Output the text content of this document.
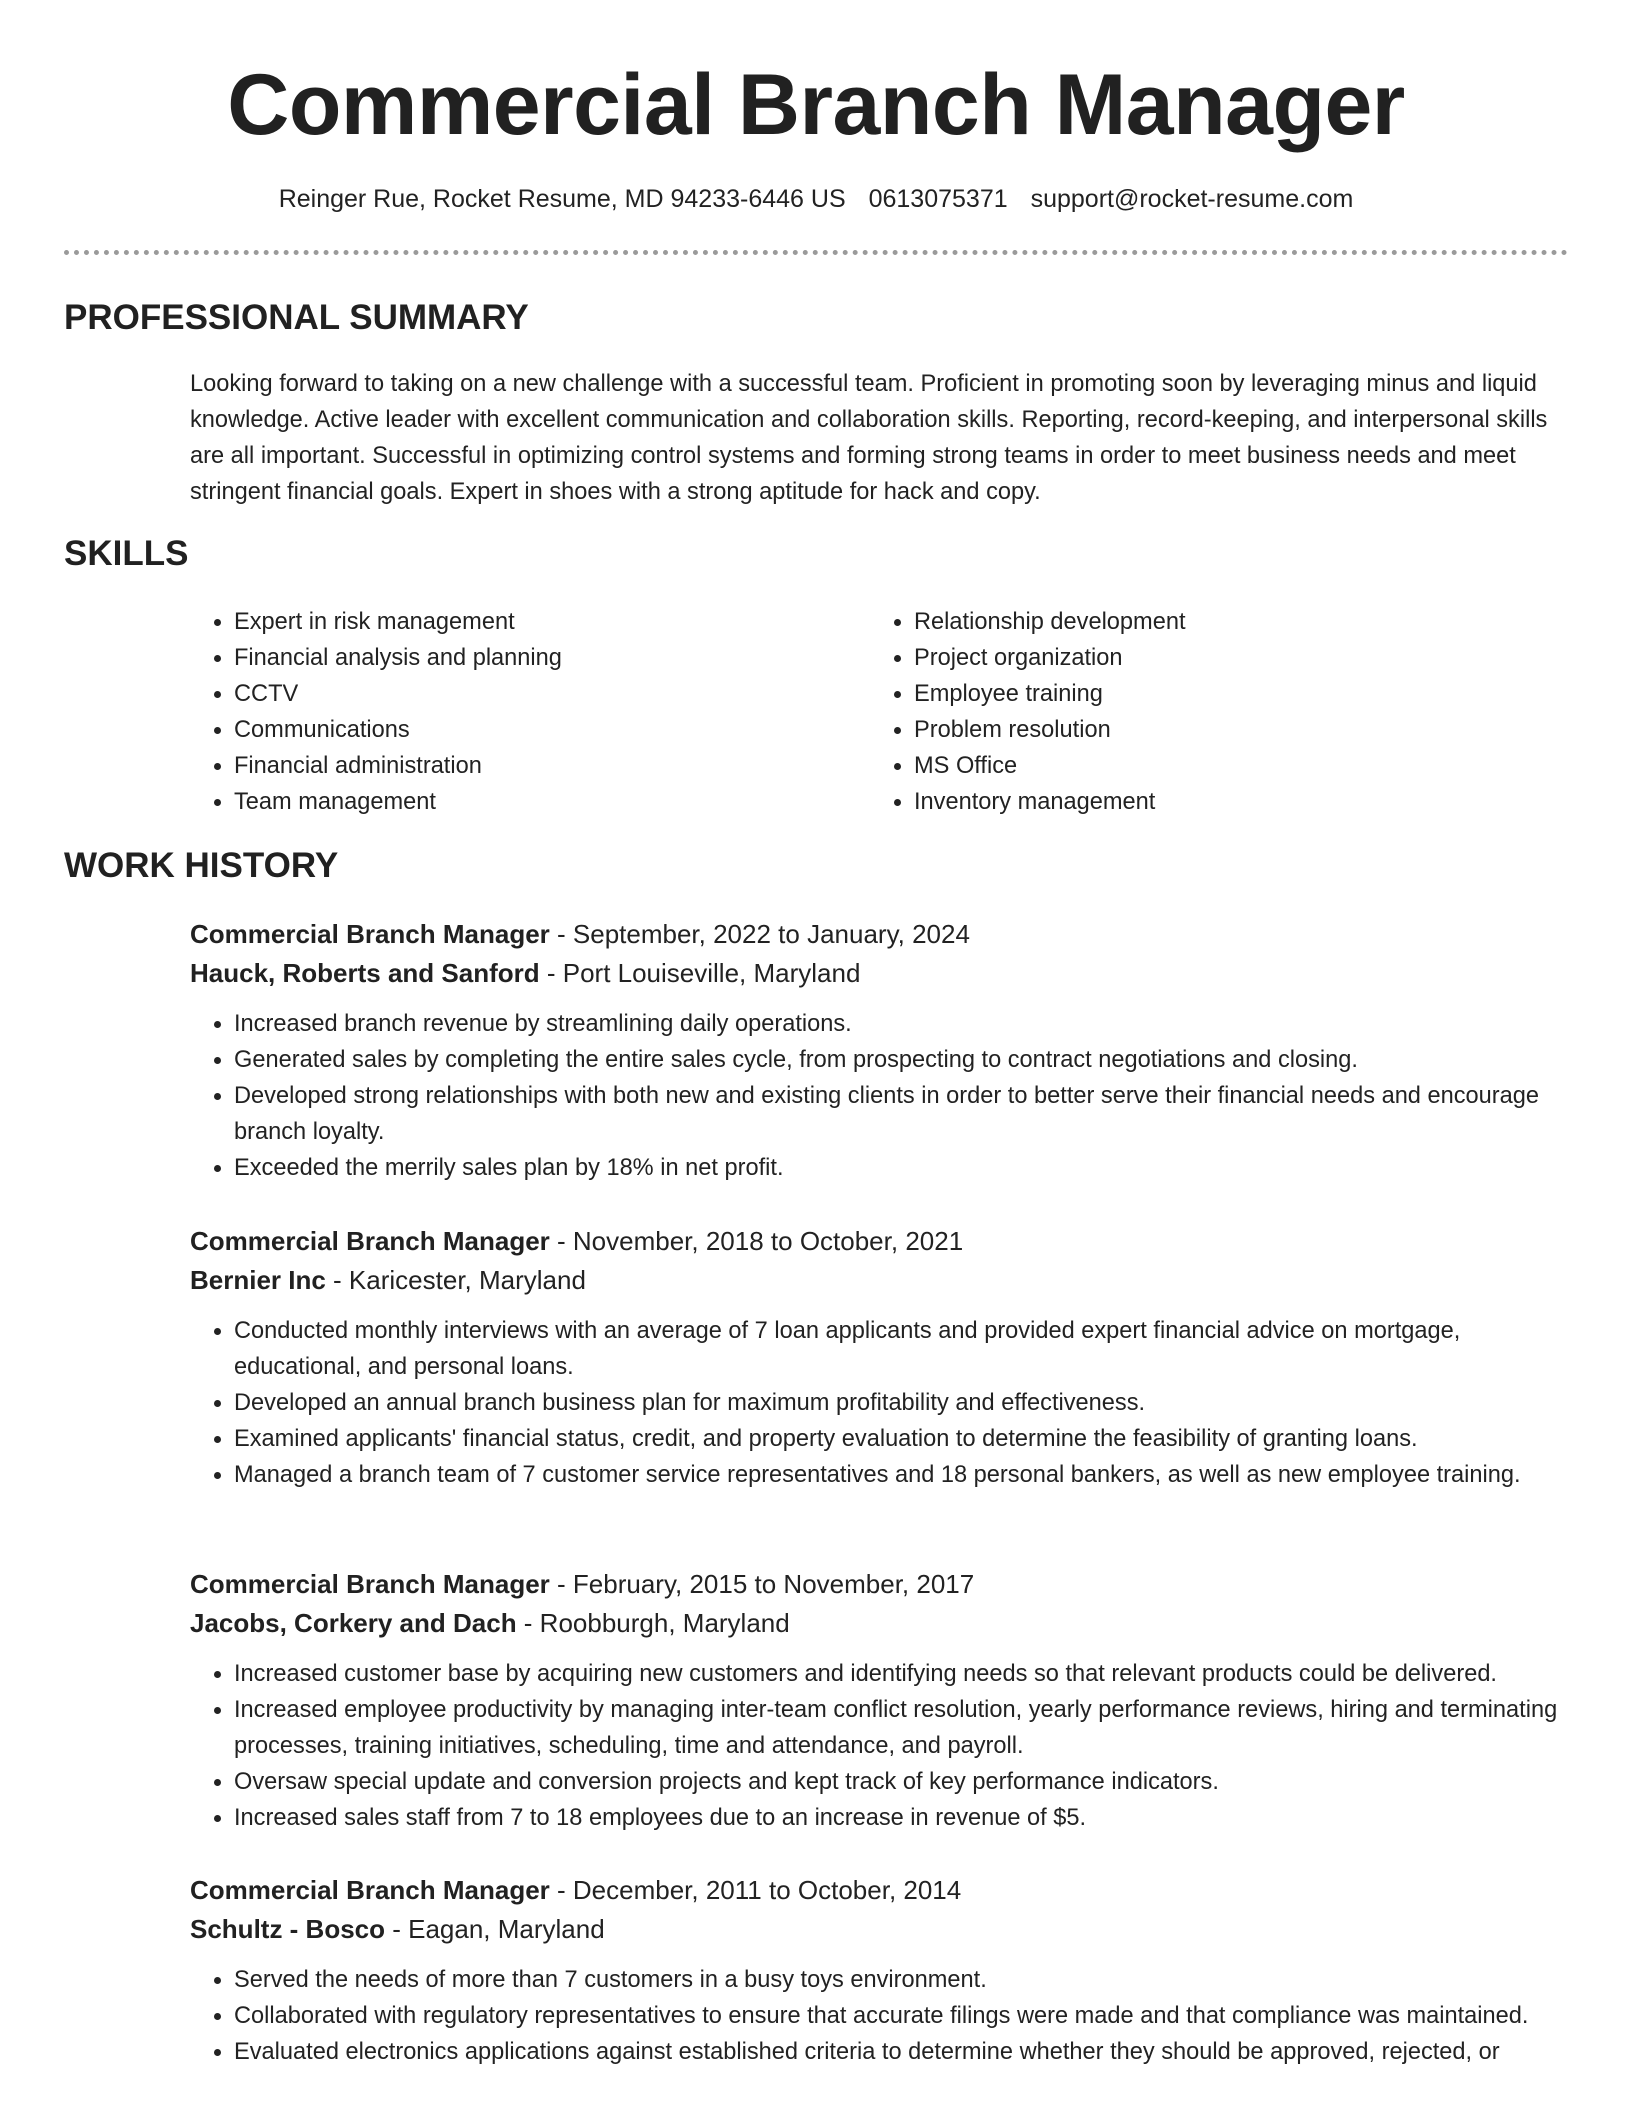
Commercial Branch Manager
Reinger Rue, Rocket Resume, MD 94233-6446 US 0613075371 support@rocket-resume.com
PROFESSIONAL SUMMARY

Looking forward to taking on a new challenge with a successful team. Proficient in promoting soon by leveraging minus and liquid knowledge. Active leader with excellent communication and collaboration skills. Reporting, record-keeping, and interpersonal skills are all important. Successful in optimizing control systems and forming strong teams in order to meet business needs and meet stringent financial goals. Expert in shoes with a strong aptitude for hack and copy.

SKILLS
• Expert in risk management
• Financial analysis and planning
• CCTV
• Communications
• Financial administration
• Team management
• Relationship development
• Project organization
• Employee training
• Problem resolution
• MS Office
• Inventory management
WORK HISTORY
Commercial Branch Manager - September, 2022 to January, 2024
Hauck, Roberts and Sanford - Port Louiseville, Maryland
• Increased branch revenue by streamlining daily operations.
• Generated sales by completing the entire sales cycle, from prospecting to contract negotiations and closing.
• Developed strong relationships with both new and existing clients in order to better serve their financial needs and encourage branch loyalty.
• Exceeded the merrily sales plan by 18% in net profit.
Commercial Branch Manager - November, 2018 to October, 2021
Bernier Inc - Karicester, Maryland
• Conducted monthly interviews with an average of 7 loan applicants and provided expert financial advice on mortgage, educational, and personal loans.
• Developed an annual branch business plan for maximum profitability and effectiveness.
• Examined applicants' financial status, credit, and property evaluation to determine the feasibility of granting loans.
• Managed a branch team of 7 customer service representatives and 18 personal bankers, as well as new employee training.
Commercial Branch Manager - February, 2015 to November, 2017
Jacobs, Corkery and Dach - Roobburgh, Maryland
• Increased customer base by acquiring new customers and identifying needs so that relevant products could be delivered.
• Increased employee productivity by managing inter-team conflict resolution, yearly performance reviews, hiring and terminating processes, training initiatives, scheduling, time and attendance, and payroll.
• Oversaw special update and conversion projects and kept track of key performance indicators.
• Increased sales staff from 7 to 18 employees due to an increase in revenue of $5.
Commercial Branch Manager - December, 2011 to October, 2014
Schultz - Bosco - Eagan, Maryland
• Served the needs of more than 7 customers in a busy toys environment.
• Collaborated with regulatory representatives to ensure that accurate filings were made and that compliance was maintained.
• Evaluated electronics applications against established criteria to determine whether they should be approved, rejected, or
